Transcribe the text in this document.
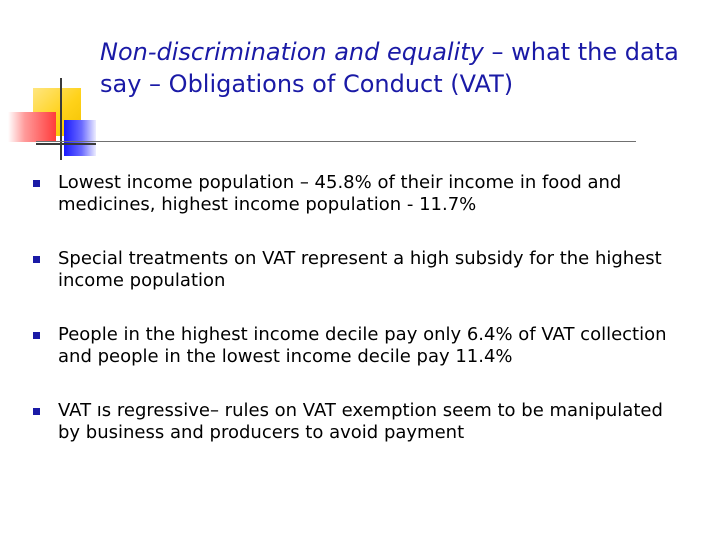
Non-discrimination and equality – what the data say – Obligations of Conduct (VAT)
Lowest income population – 45.8% of their income in food and medicines, highest income population - 11.7%
Special treatments on VAT represent a high subsidy for the highest income population
People in the highest income decile pay only 6.4% of VAT collection and people in the lowest income decile pay 11.4%
VAT ıs regressive– rules on VAT exemption seem to be manipulated by business and producers to avoid payment
